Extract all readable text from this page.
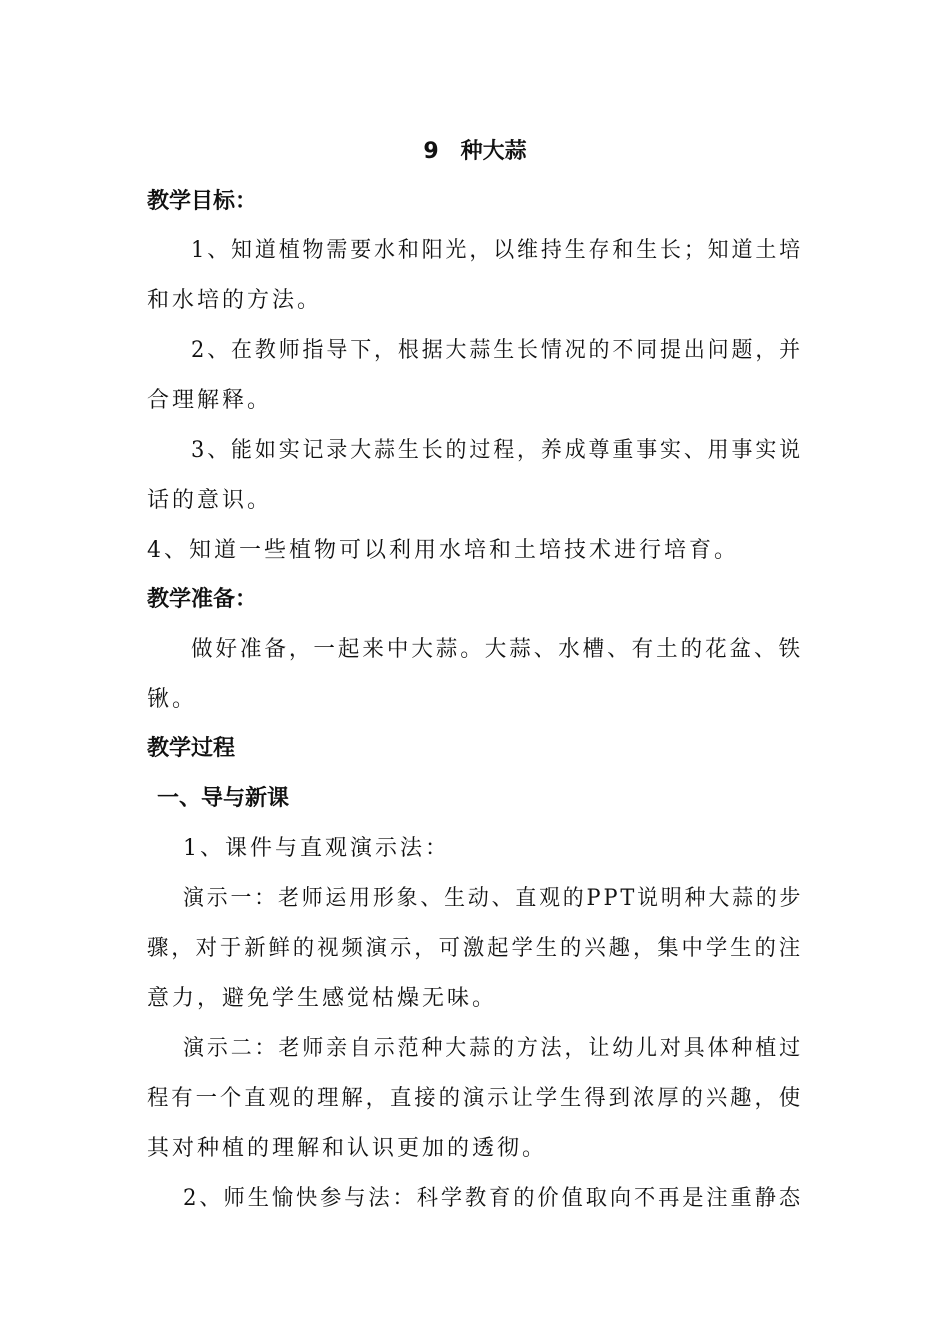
9 种大蒜
教学目标：
1、知道植物需要水和阳光，以维持生存和生长；知道土培
和水培的方法。
2、在教师指导下，根据大蒜生长情况的不同提出问题，并
合理解释。
3、能如实记录大蒜生长的过程，养成尊重事实、用事实说
话的意识。
4、知道一些植物可以利用水培和土培技术进行培育。
教学准备：
做好准备，一起来中大蒜。大蒜、水槽、有土的花盆、铁
锹。
教学过程
一、导与新课
1、课件与直观演示法：
演示一：老师运用形象、生动、直观的PPT说明种大蒜的步
骤，对于新鲜的视频演示，可激起学生的兴趣，集中学生的注
意力，避免学生感觉枯燥无味。
演示二：老师亲自示范种大蒜的方法，让幼儿对具体种植过
程有一个直观的理解，直接的演示让学生得到浓厚的兴趣，使
其对种植的理解和认识更加的透彻。
2、师生愉快参与法：科学教育的价值取向不再是注重静态
